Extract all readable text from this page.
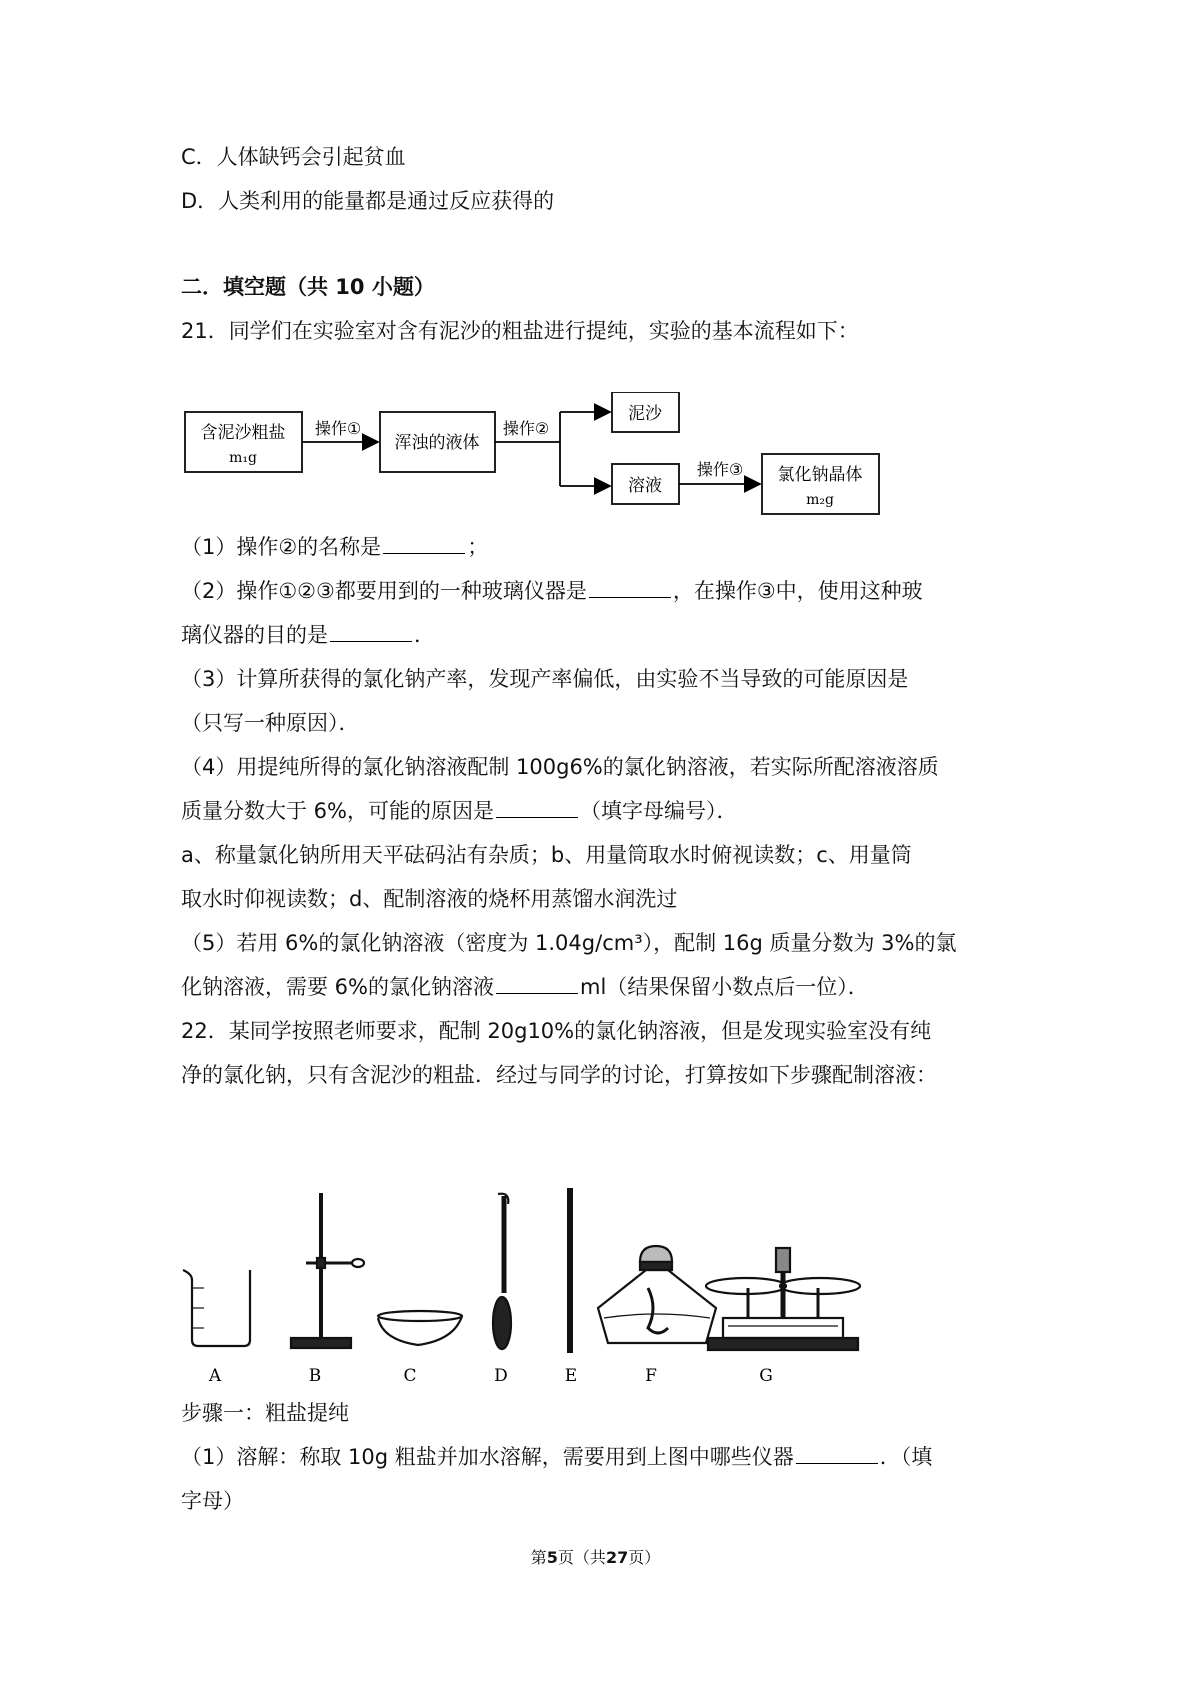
C．人体缺钙会引起贫血
D．人类利用的能量都是通过反应获得的
二．填空题（共 10 小题）
21．同学们在实验室对含有泥沙的粗盐进行提纯，实验的基本流程如下：
含泥沙粗盐
m₁g
操作①
浑浊的液体
操作②
泥沙
溶液
操作③ 氯化钠晶体
m₂g
（1）操作②的名称是	；
（2）操作①②③都要用到的一种玻璃仪器是	，在操作③中，使用这种玻
璃仪器的目的是	．
（3）计算所获得的氯化钠产率，发现产率偏低，由实验不当导致的可能原因是
（只写一种原因）．
（4）用提纯所得的氯化钠溶液配制 100g6%的氯化钠溶液，若实际所配溶液溶质
质量分数大于 6%，可能的原因是	（填字母编号）．
a、称量氯化钠所用天平砝码沾有杂质；b、用量筒取水时俯视读数；c、用量筒
取水时仰视读数；d、配制溶液的烧杯用蒸馏水润洗过
（5）若用 6%的氯化钠溶液（密度为 1.04g/cm³），配制 16g 质量分数为 3%的氯
化钠溶液，需要 6%的氯化钠溶液	ml（结果保留小数点后一位）．
22．某同学按照老师要求，配制 20g10%的氯化钠溶液，但是发现实验室没有纯
净的氯化钠，只有含泥沙的粗盐．经过与同学的讨论，打算按如下步骤配制溶液：
A	B	C	D	E	F	G
步骤一：粗盐提纯
（1）溶解：称取 10g 粗盐并加水溶解，需要用到上图中哪些仪器	．（填
字母）
第5页（共27页）
